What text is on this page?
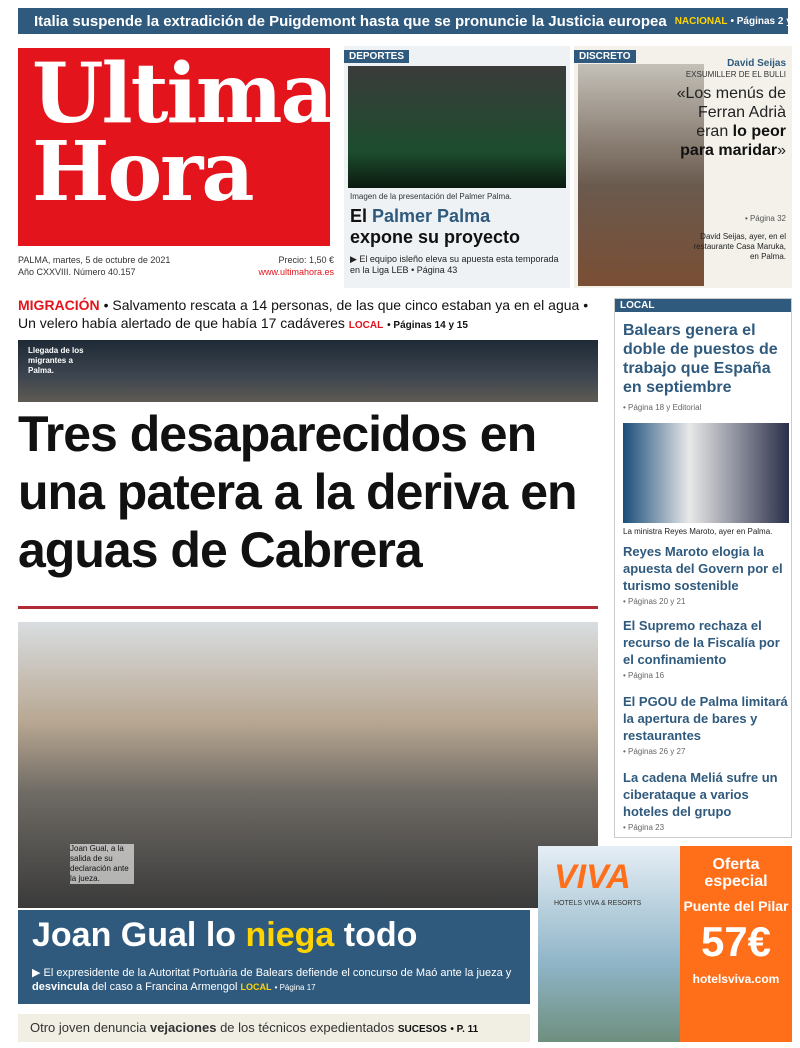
Italia suspende la extradición de Puigdemont hasta que se pronuncie la Justicia europea NACIONAL • Páginas 2 y 3
Ultima
Hora
PALMA, martes, 5 de octubre de 2021
Año CXXVIII. Número 40.157
Precio: 1,50 €
www.ultimahora.es
DEPORTES
Imagen de la presentación del Palmer Palma.
El Palmer Palma
expone su proyecto
▶ El equipo isleño eleva su apuesta esta temporada en la Liga LEB • Página 43
DISCRETO
David Seijas
EXSUMILLER DE EL BULLI
«Los menús de Ferran Adrià eran lo peor para maridar»
• Página 32
David Seijas, ayer, en el restaurante Casa Maruka, en Palma.
MIGRACIÓN • Salvamento rescata a 14 personas, de las que cinco estaban ya en el agua • Un velero había alertado de que había 17 cadáveres LOCAL • Páginas 14 y 15
Llegada de los migrantes a Palma.
Tres desaparecidos en una patera a la deriva en aguas de Cabrera
Joan Gual, a la salida de su declaración ante la jueza.
Joan Gual lo niega todo
▶ El expresidente de la Autoritat Portuària de Balears defiende el concurso de Maó ante la jueza y desvincula del caso a Francina Armengol LOCAL • Página 17
Otro joven denuncia vejaciones de los técnicos expedientados SUCESOS • P. 11
LOCAL
Balears genera el doble de puestos de trabajo que España en septiembre
• Página 18 y Editorial
La ministra Reyes Maroto, ayer en Palma.
Reyes Maroto elogia la apuesta del Govern por el turismo sostenible
• Páginas 20 y 21
El Supremo rechaza el recurso de la Fiscalía por el confinamiento
• Página 16
El PGOU de Palma limitará la apertura de bares y restaurantes
• Páginas 26 y 27
La cadena Meliá sufre un ciberataque a varios hoteles del grupo
• Página 23
VIVA
HOTELS VIVA & RESORTS
Oferta especial
Puente del Pilar
57€
hotelsviva.com
